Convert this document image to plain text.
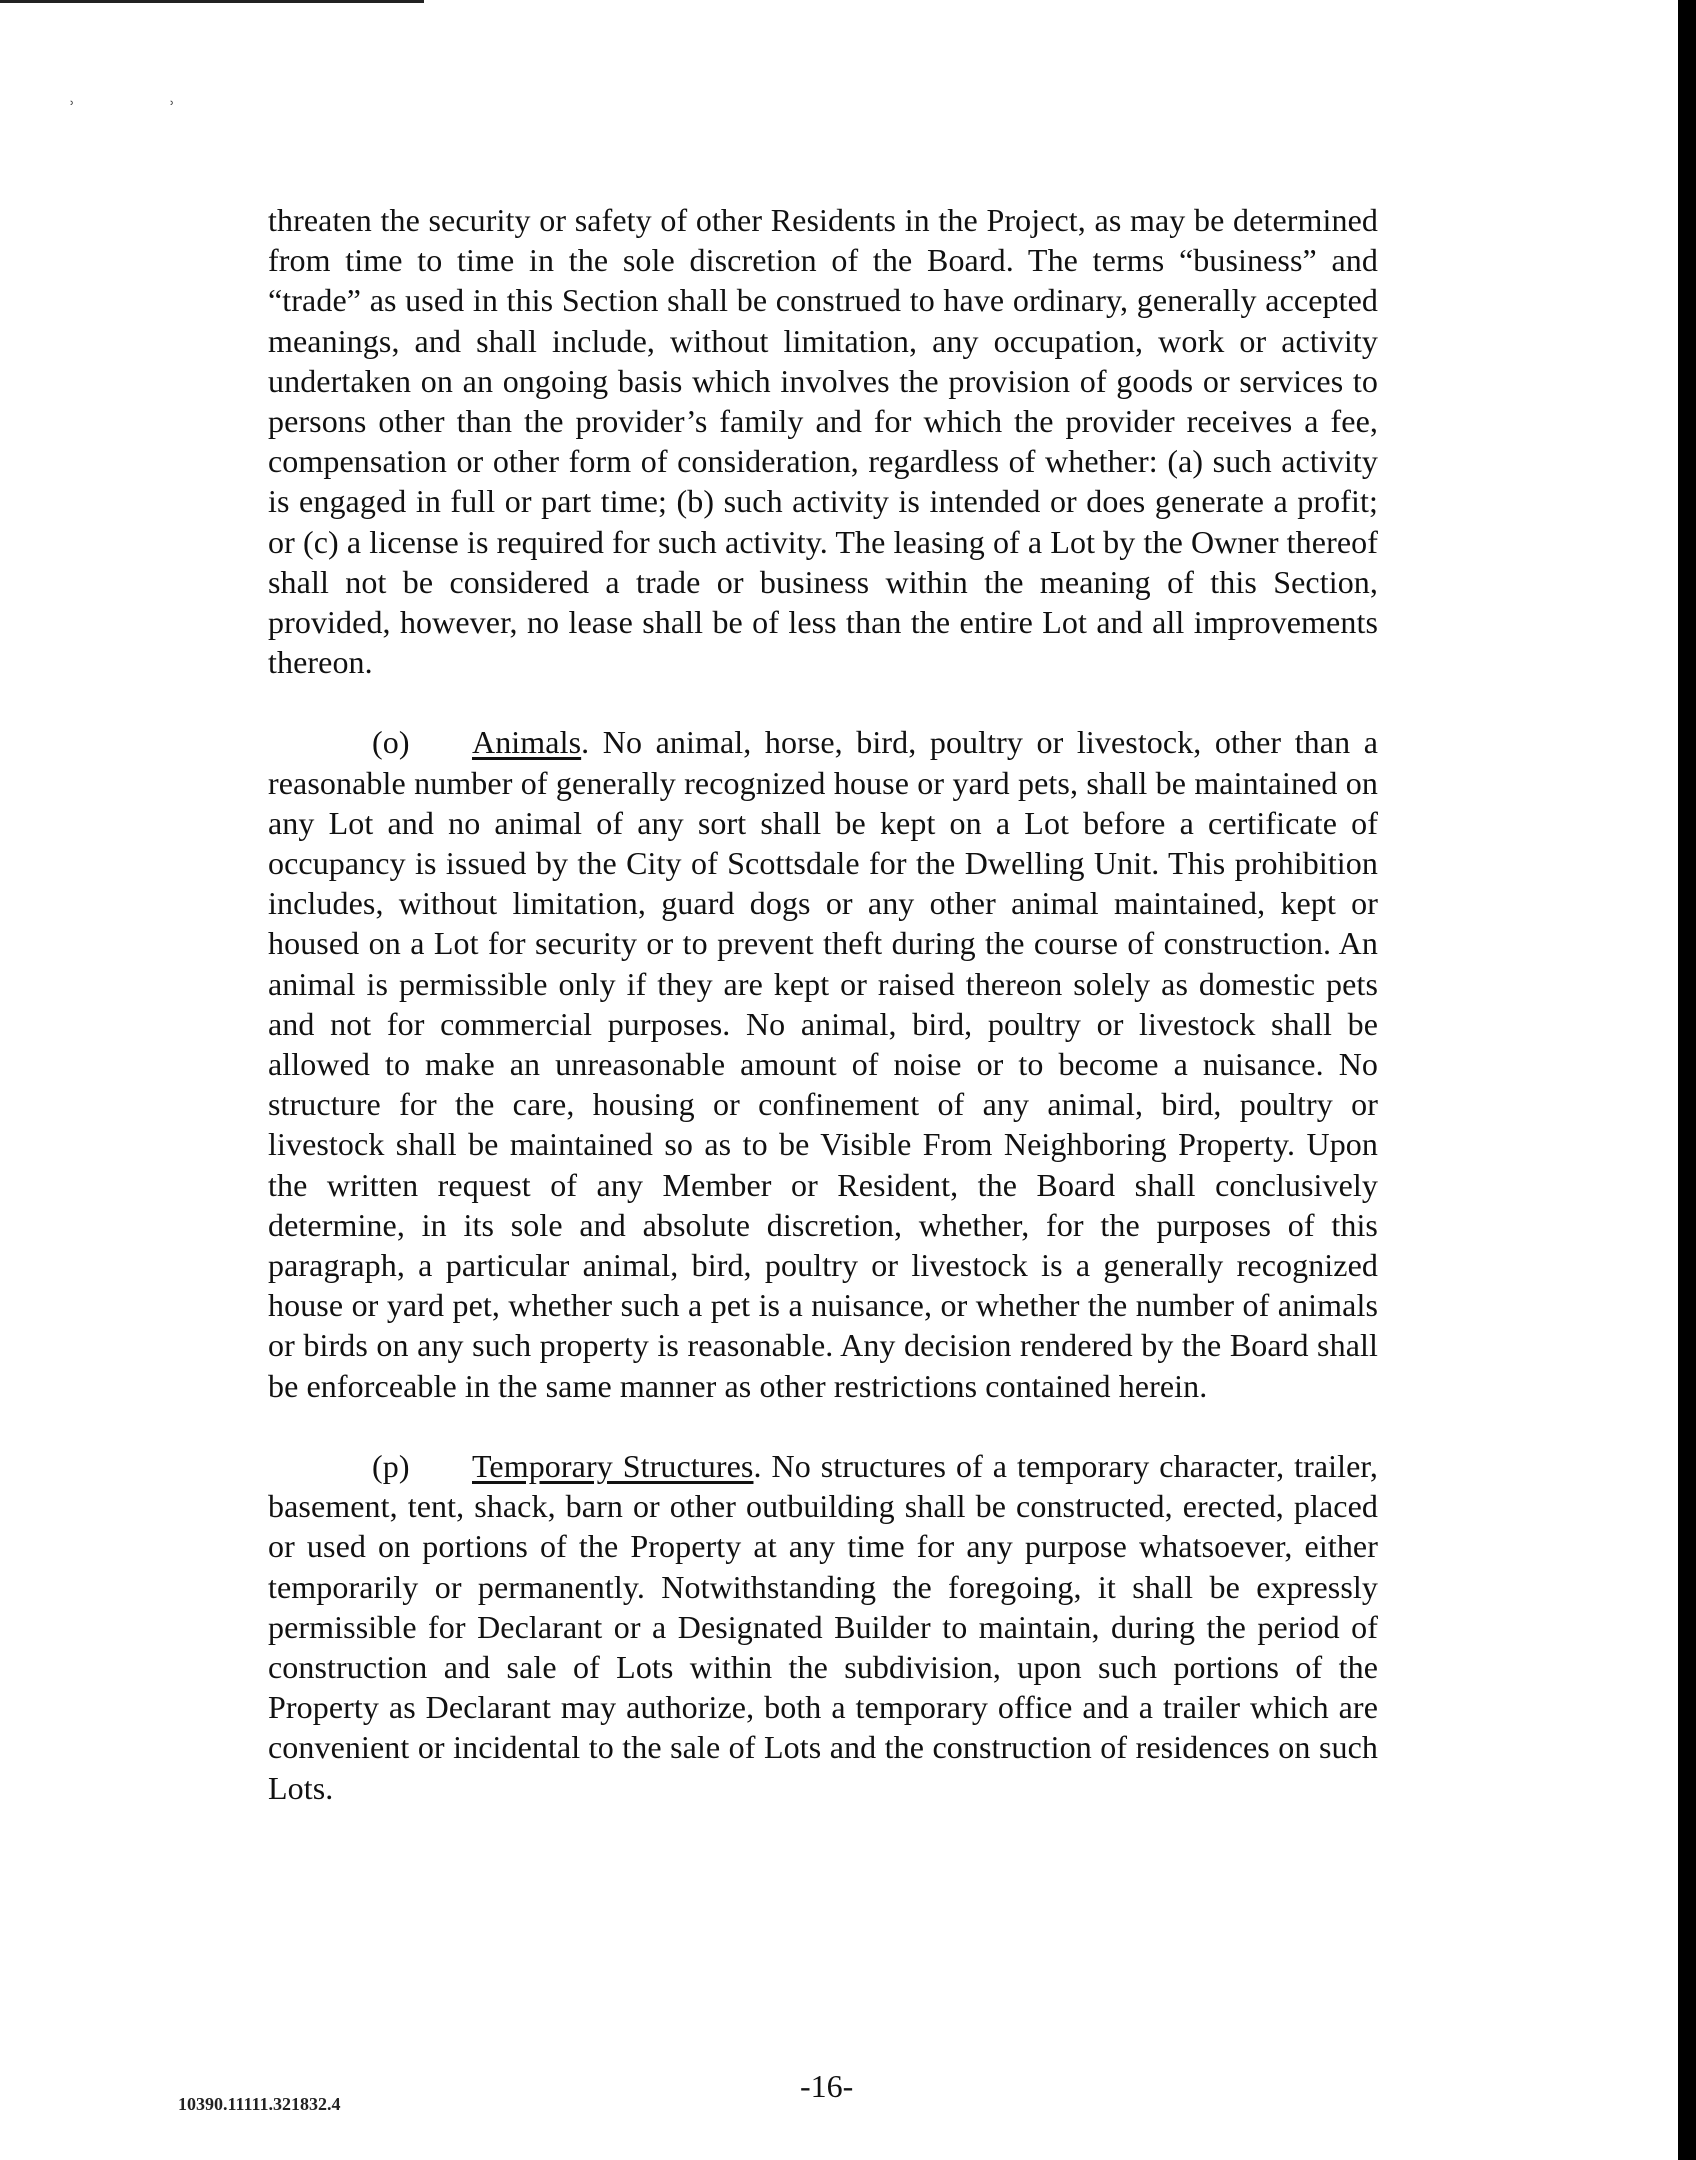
˒	˒

threaten the security or safety of other Residents in the Project, as may be determined from time to time in the sole discretion of the Board. The terms “business” and “trade” as used in this Section shall be construed to have ordinary, generally accepted meanings, and shall include, without limitation, any occupation, work or activity undertaken on an ongoing basis which involves the provision of goods or services to persons other than the provider’s family and for which the provider receives a fee, compensation or other form of consideration, regardless of whether: (a) such activity is engaged in full or part time; (b) such activity is intended or does generate a profit; or (c) a license is required for such activity. The leasing of a Lot by the Owner thereof shall not be considered a trade or business within the meaning of this Section, provided, however, no lease shall be of less than the entire Lot and all improvements thereon.

(o) Animals. No animal, horse, bird, poultry or livestock, other than a reasonable number of generally recognized house or yard pets, shall be maintained on any Lot and no animal of any sort shall be kept on a Lot before a certificate of occupancy is issued by the City of Scottsdale for the Dwelling Unit. This prohibition includes, without limitation, guard dogs or any other animal maintained, kept or housed on a Lot for security or to prevent theft during the course of construction. An animal is permissible only if they are kept or raised thereon solely as domestic pets and not for commercial purposes. No animal, bird, poultry or livestock shall be allowed to make an unreasonable amount of noise or to become a nuisance. No structure for the care, housing or confinement of any animal, bird, poultry or livestock shall be maintained so as to be Visible From Neighboring Property. Upon the written request of any Member or Resident, the Board shall conclusively determine, in its sole and absolute discretion, whether, for the purposes of this paragraph, a particular animal, bird, poultry or livestock is a generally recognized house or yard pet, whether such a pet is a nuisance, or whether the number of animals or birds on any such property is reasonable. Any decision rendered by the Board shall be enforceable in the same manner as other restrictions contained herein.

(p) Temporary Structures. No structures of a temporary character, trailer, basement, tent, shack, barn or other outbuilding shall be constructed, erected, placed or used on portions of the Property at any time for any purpose whatsoever, either temporarily or permanently. Notwithstanding the foregoing, it shall be expressly permissible for Declarant or a Designated Builder to maintain, during the period of construction and sale of Lots within the subdivision, upon such portions of the Property as Declarant may authorize, both a temporary office and a trailer which are convenient or incidental to the sale of Lots and the construction of residences on such Lots.

10390.11111.321832.4	-16-
